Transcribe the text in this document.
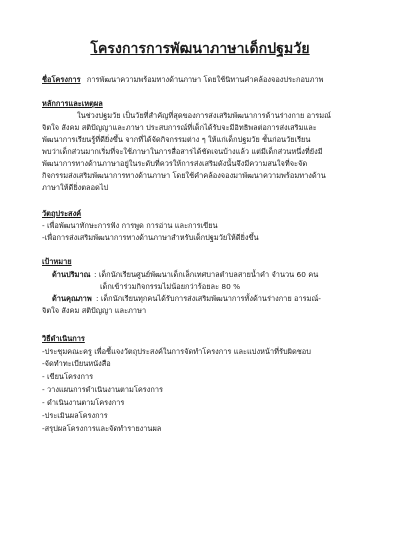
โครงการการพัฒนาภาษาเด็กปฐมวัย
ชื่อโครงการ การพัฒนาความพร้อมทางด้านภาษา โดยใช้นิทานคำคล้องจองประกอบภาพ
หลักการและเหตุผล
ในช่วงปฐมวัย เป็นวัยที่สำคัญที่สุดของการส่งเสริมพัฒนาการด้านร่างกาย อารมณ์
จิตใจ สังคม สติปัญญาและภาษา ประสบการณ์ที่เด็กได้รับจะมีอิทธิพลต่อการส่งเสริมและ
พัฒนาการเรียนรู้ที่ดียิ่งขึ้น จากที่ได้จัดกิจกรรมต่าง ๆ ให้แก่เด็กปฐมวัย ชั้นก่อนวัยเรียน
พบว่าเด็กส่วนมากเริ่มที่จะใช้ภาษาในการสื่อสารได้ชัดเจนบ้างแล้ว แต่มีเด็กส่วนหนึ่งที่ยังมี
พัฒนาการทางด้านภาษาอยู่ในระดับที่ควรให้การส่งเสริมดังนั้นจึงมีความสนใจที่จะจัด
กิจกรรมส่งเสริมพัฒนาการทางด้านภาษา โดยใช้คำคล้องจองมาพัฒนาความพร้อมทางด้าน
ภาษาให้ดียิ่งตลอดไป
วัตถุประสงค์
- เพื่อพัฒนาทักษะการฟัง การพูด การอ่าน และการเขียน
-เพื่อการส่งเสริมพัฒนาการทางด้านภาษาสำหรับเด็กปฐมวัยให้ดียิ่งขึ้น
เป้าหมาย
ด้านปริมาณ : เด็กนักเรียนศูนย์พัฒนาเด็กเล็กเทศบาลตำบลสายน้ำคำ จำนวน 60 คน
เด็กเข้าร่วมกิจกรรมไม่น้อยกว่าร้อยละ 80 %
ด้านคุณภาพ : เด็กนักเรียนทุกคนได้รับการส่งเสริมพัฒนาการทั้งด้านร่างกาย อารมณ์-
จิตใจ สังคม สติปัญญา และภาษา
วิธีดำเนินการ
-ประชุมคณะครู เพื่อชี้แจงวัตถุประสงค์ในการจัดทำโครงการ และแบ่งหน้าที่รับผิดชอบ
-จัดทำทะเบียนหนังสือ
- เขียนโครงการ
- วางแผนการดำเนินงานตามโครงการ
- ดำเนินงานตามโครงการ
-ประเมินผลโครงการ
-สรุปผลโครงการและจัดทำรายงานผล
